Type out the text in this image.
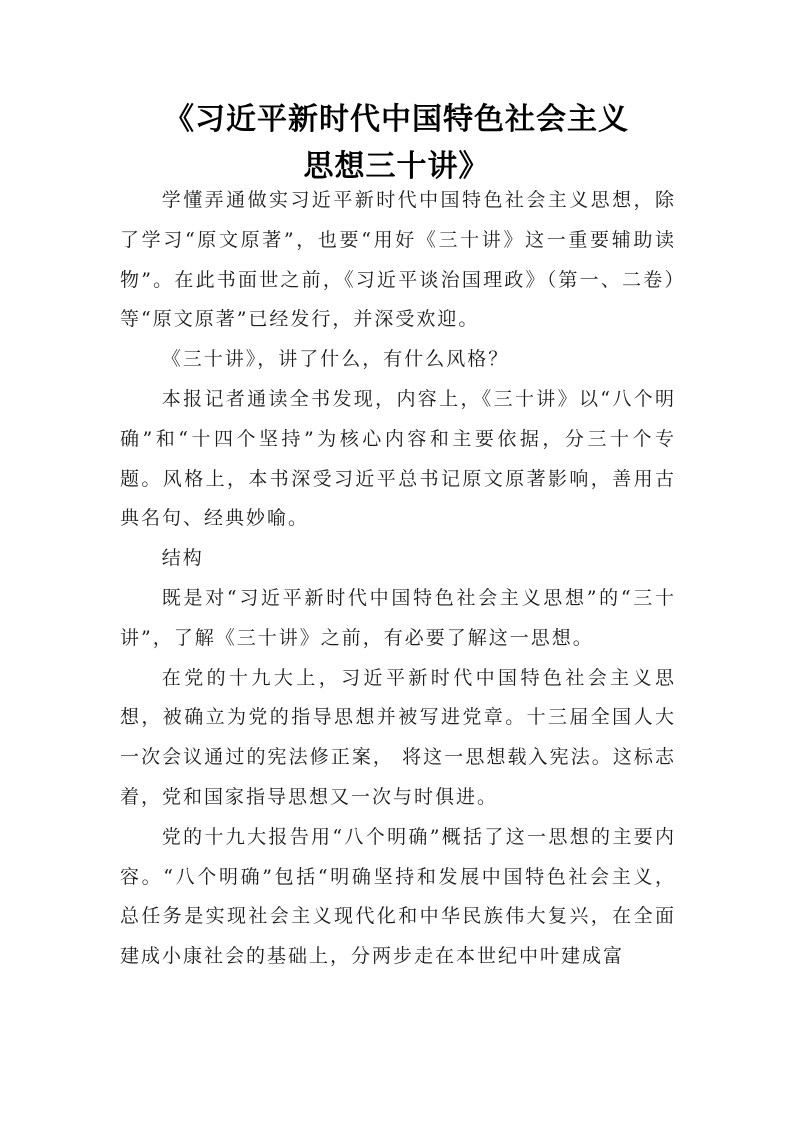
《习近平新时代中国特色社会主义
思想三十讲》

学懂弄通做实习近平新时代中国特色社会主义思想，除了学习“原文原著”，也要“用好《三十讲》这一重要辅助读物”。在此书面世之前，《习近平谈治国理政》（第一、二卷）等“原文原著”已经发行，并深受欢迎。

《三十讲》，讲了什么，有什么风格？

本报记者通读全书发现，内容上，《三十讲》以“八个明确”和“十四个坚持”为核心内容和主要依据，分三十个专题。风格上，本书深受习近平总书记原文原著影响，善用古典名句、经典妙喻。

结构

既是对“习近平新时代中国特色社会主义思想”的“三十讲”，了解《三十讲》之前，有必要了解这一思想。

在党的十九大上，习近平新时代中国特色社会主义思想，被确立为党的指导思想并被写进党章。十三届全国人大一次会议通过的宪法修正案， 将这一思想载入宪法。这标志着，党和国家指导思想又一次与时俱进。

党的十九大报告用“八个明确”概括了这一思想的主要内容。“八个明确”包括“明确坚持和发展中国特色社会主义，总任务是实现社会主义现代化和中华民族伟大复兴，在全面建成小康社会的基础上，分两步走在本世纪中叶建成富
